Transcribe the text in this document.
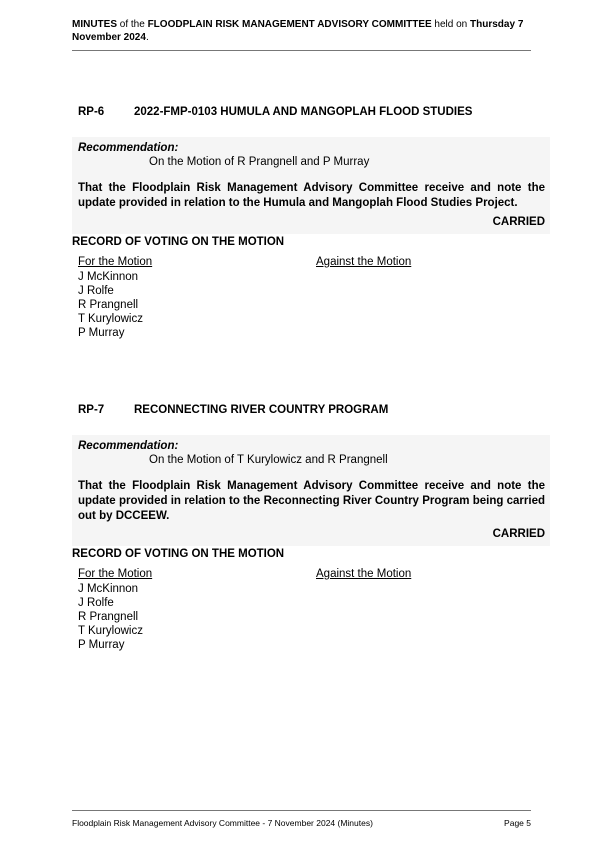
MINUTES of the FLOODPLAIN RISK MANAGEMENT ADVISORY COMMITTEE held on Thursday 7 November 2024.
RP-6	2022-FMP-0103 HUMULA AND MANGOPLAH FLOOD STUDIES
Recommendation:
On the Motion of R Prangnell and P Murray
That the Floodplain Risk Management Advisory Committee receive and note the update provided in relation to the Humula and Mangoplah Flood Studies Project.
CARRIED
RECORD OF VOTING ON THE MOTION
For the Motion	Against the Motion
J McKinnon
J Rolfe
R Prangnell
T Kurylowicz
P Murray
RP-7	RECONNECTING RIVER COUNTRY PROGRAM
Recommendation:
On the Motion of T Kurylowicz and R Prangnell
That the Floodplain Risk Management Advisory Committee receive and note the update provided in relation to the Reconnecting River Country Program being carried out by DCCEEW.
CARRIED
RECORD OF VOTING ON THE MOTION
For the Motion	Against the Motion
J McKinnon
J Rolfe
R Prangnell
T Kurylowicz
P Murray
Floodplain Risk Management Advisory Committee - 7 November 2024 (Minutes)	Page 5
